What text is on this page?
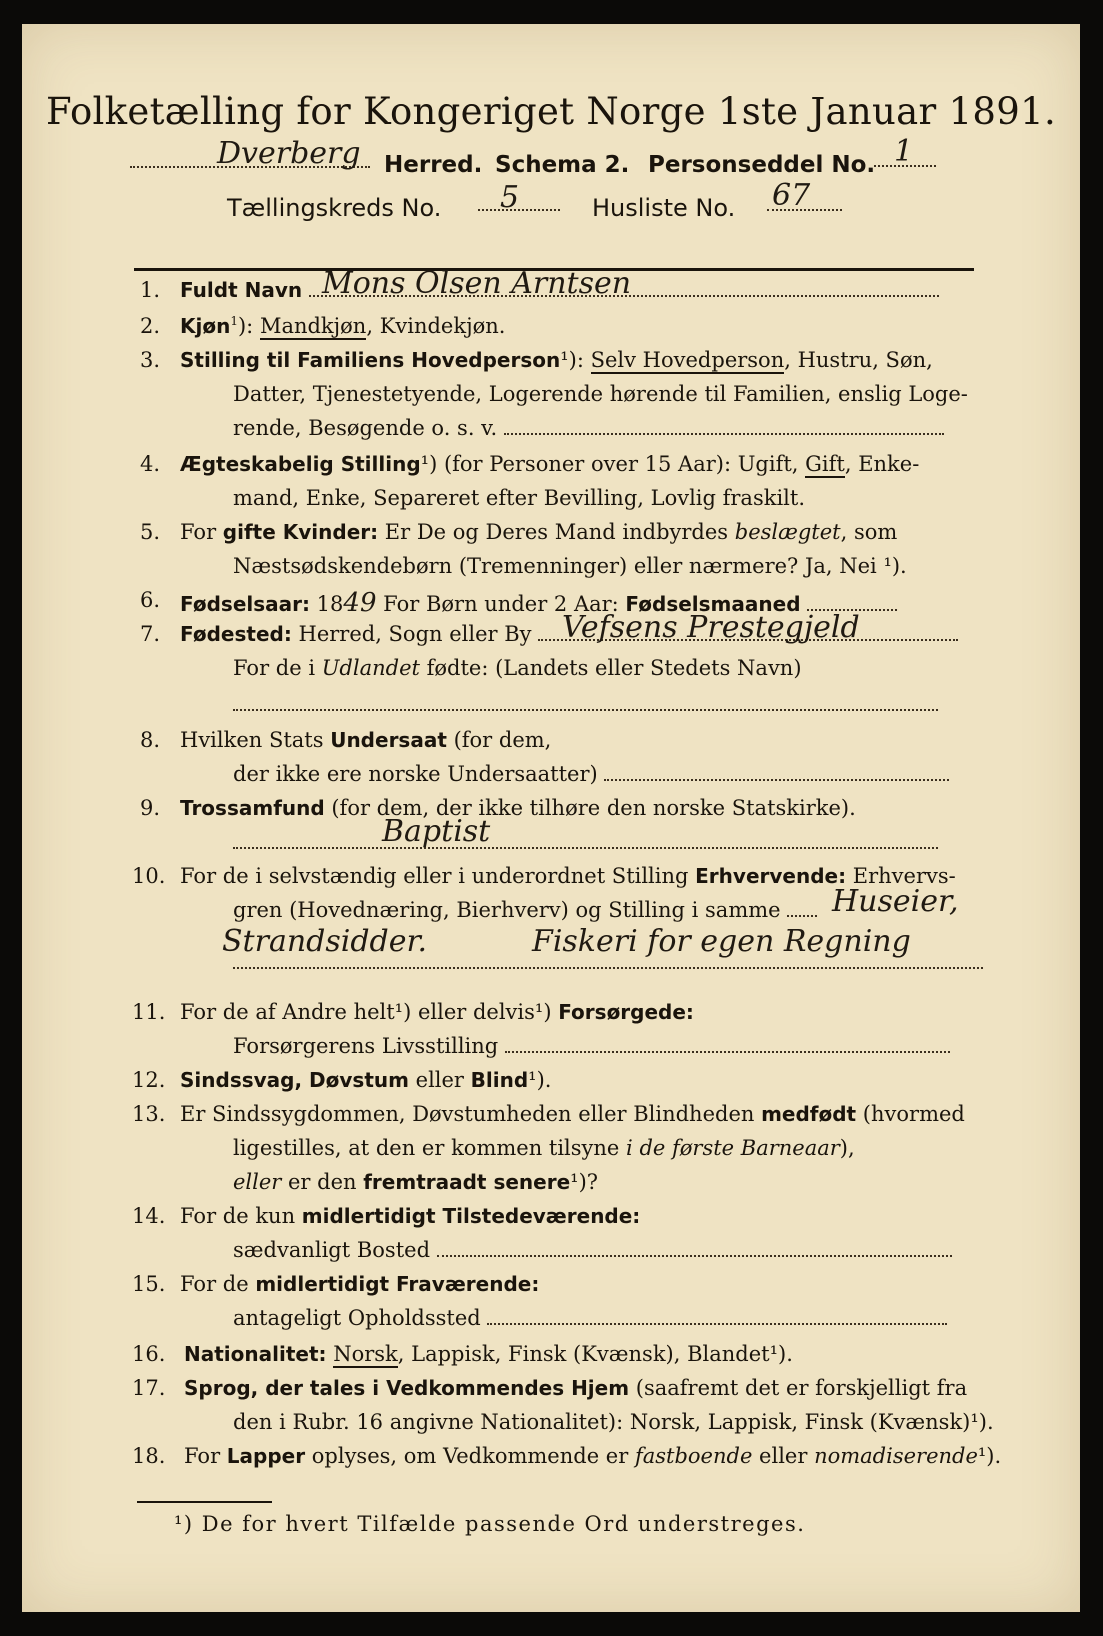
Folketælling for Kongeriget Norge 1ste Januar 1891.
Dverberg Herred. Schema 2. Personseddel No. 1
Tællingskreds No. 5	Husliste No. 67
1. Fuldt Navn Mons Olsen Arntsen
2. Kjøn$^1$): Mandkjøn, Kvindekjøn.
3. Stilling til Familiens Hovedperson¹): Selv Hovedperson, Hustru, Søn,
Datter, Tjenestetyende, Logerende hørende til Familien, enslig Loge-
rende, Besøgende o. s. v.
4. Ægteskabelig Stilling¹) (for Personer over 15 Aar): Ugift, Gift, Enke-
mand, Enke, Separeret efter Bevilling, Lovlig fraskilt.
5. For gifte Kvinder: Er De og Deres Mand indbyrdes beslægtet, som
Næstsødskendebørn (Tremenninger) eller nærmere? Ja, Nei ¹).
6. Fødselsaar: 1849 For Børn under 2 Aar: Fødselsmaaned
7. Fødested: Herred, Sogn eller By	Vefsens Prestegjeld
For de i Udlandet fødte: (Landets eller Stedets Navn)
8. Hvilken Stats Undersaat (for dem,
der ikke ere norske Undersaatter)
9. Trossamfund (for dem, der ikke tilhøre den norske Statskirke).
Baptist
10. For de i selvstændig eller i underordnet Stilling Erhvervende: Erhvervs-
gren (Hovednæring, Bierhverv) og Stilling i samme	Huseier,
Strandsidder.	Fiskeri for egen Regning
11. For de af Andre helt¹) eller delvis¹) Forsørgede:
Forsørgerens Livsstilling
12. Sindssvag, Døvstum eller Blind¹).
13. Er Sindssygdommen, Døvstumheden eller Blindheden medfødt (hvormed
ligestilles, at den er kommen tilsyne i de første Barneaar),
eller er den fremtraadt senere¹)?
14. For de kun midlertidigt Tilstedeværende:
sædvanligt Bosted
15. For de midlertidigt Fraværende:
antageligt Opholdssted
16. Nationalitet: Norsk, Lappisk, Finsk (Kvænsk), Blandet¹).
17. Sprog, der tales i Vedkommendes Hjem (saafremt det er forskjelligt fra
den i Rubr. 16 angivne Nationalitet): Norsk, Lappisk, Finsk (Kvænsk)¹).
18. For Lapper oplyses, om Vedkommende er fastboende eller nomadiserende¹).
¹) De for hvert Tilfælde passende Ord understreges.
